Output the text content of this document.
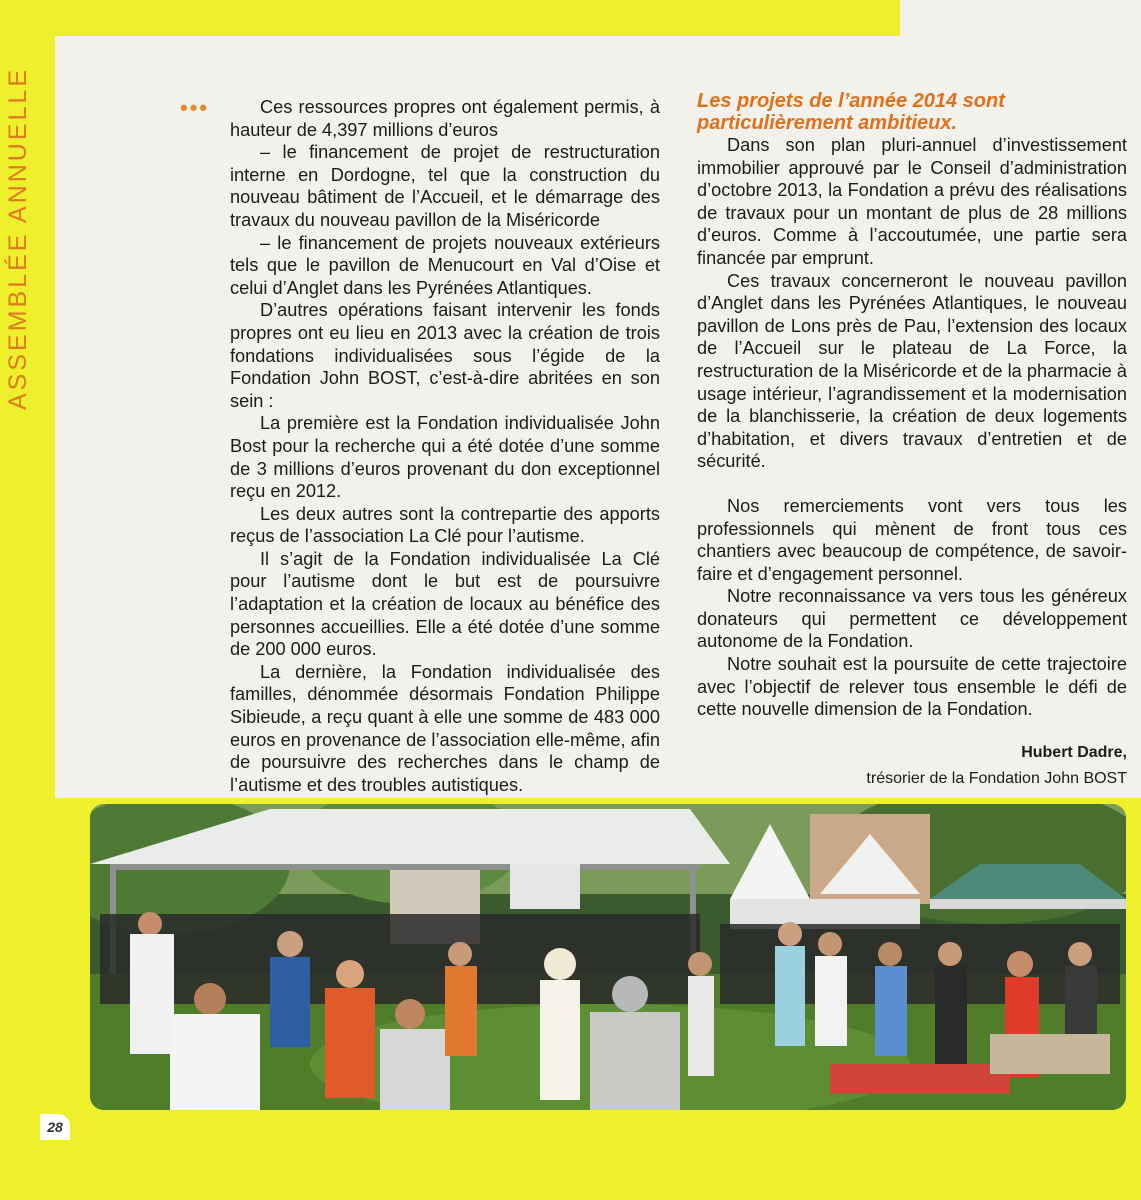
ASSEMBLÉE ANNUELLE	•••	Ces ressources propres ont également permis, à hauteur de 4,397 millions d’euros

– le financement de projet de restructuration interne en Dordogne, tel que la construction du nouveau bâtiment de l’Accueil, et le démarrage des travaux du nouveau pavillon de la Miséricorde

– le financement de projets nouveaux extérieurs tels que le pavillon de Menucourt en Val d’Oise et celui d’Anglet dans les Pyrénées Atlantiques.

D’autres opérations faisant intervenir les fonds propres ont eu lieu en 2013 avec la création de trois fondations individualisées sous l’égide de la Fondation John BOST, c’est-à-dire abritées en son sein :

La première est la Fondation individualisée John Bost pour la recherche qui a été dotée d’une somme de 3 millions d’euros provenant du don exceptionnel reçu en 2012.

Les deux autres sont la contrepartie des apports reçus de l’association La Clé pour l’autisme.

Il s’agit de la Fondation individualisée La Clé pour l’autisme dont le but est de poursuivre l’adaptation et la création de locaux au bénéfice des personnes accueillies. Elle a été dotée d’une somme de 200 000 euros.

La dernière, la Fondation individualisée des familles, dénommée désormais Fondation Philippe Sibieude, a reçu quant à elle une somme de 483 000 euros en provenance de l’association elle-même, afin de poursuivre des recherches dans le champ de l’autisme et des troubles autistiques.

Les projets de l’année 2014 sont particulièrement ambitieux.

Dans son plan pluri-annuel d’investissement immobilier approuvé par le Conseil d’administration d’octobre 2013, la Fondation a prévu des réalisations de travaux pour un montant de plus de 28 millions d’euros. Comme à l’accoutumée, une partie sera financée par emprunt.

Ces travaux concerneront le nouveau pavillon d’Anglet dans les Pyrénées Atlantiques, le nouveau pavillon de Lons près de Pau, l’extension des locaux de l’Accueil sur le plateau de La Force, la restructuration de la Miséricorde et de la pharmacie à usage intérieur, l’agrandissement et la modernisation de la blanchisserie, la création de deux logements d’habitation, et divers travaux d’entretien et de sécurité.

Nos remerciements vont vers tous les professionnels qui mènent de front tous ces chantiers avec beaucoup de compétence, de savoir-faire et d’engagement personnel.

Notre reconnaissance va vers tous les généreux donateurs qui permettent ce développement autonome de la Fondation.

Notre souhait est la poursuite de cette trajectoire avec l’objectif de relever tous ensemble le défi de cette nouvelle dimension de la Fondation.

Hubert Dadre,
trésorier de la Fondation John BOST
28
